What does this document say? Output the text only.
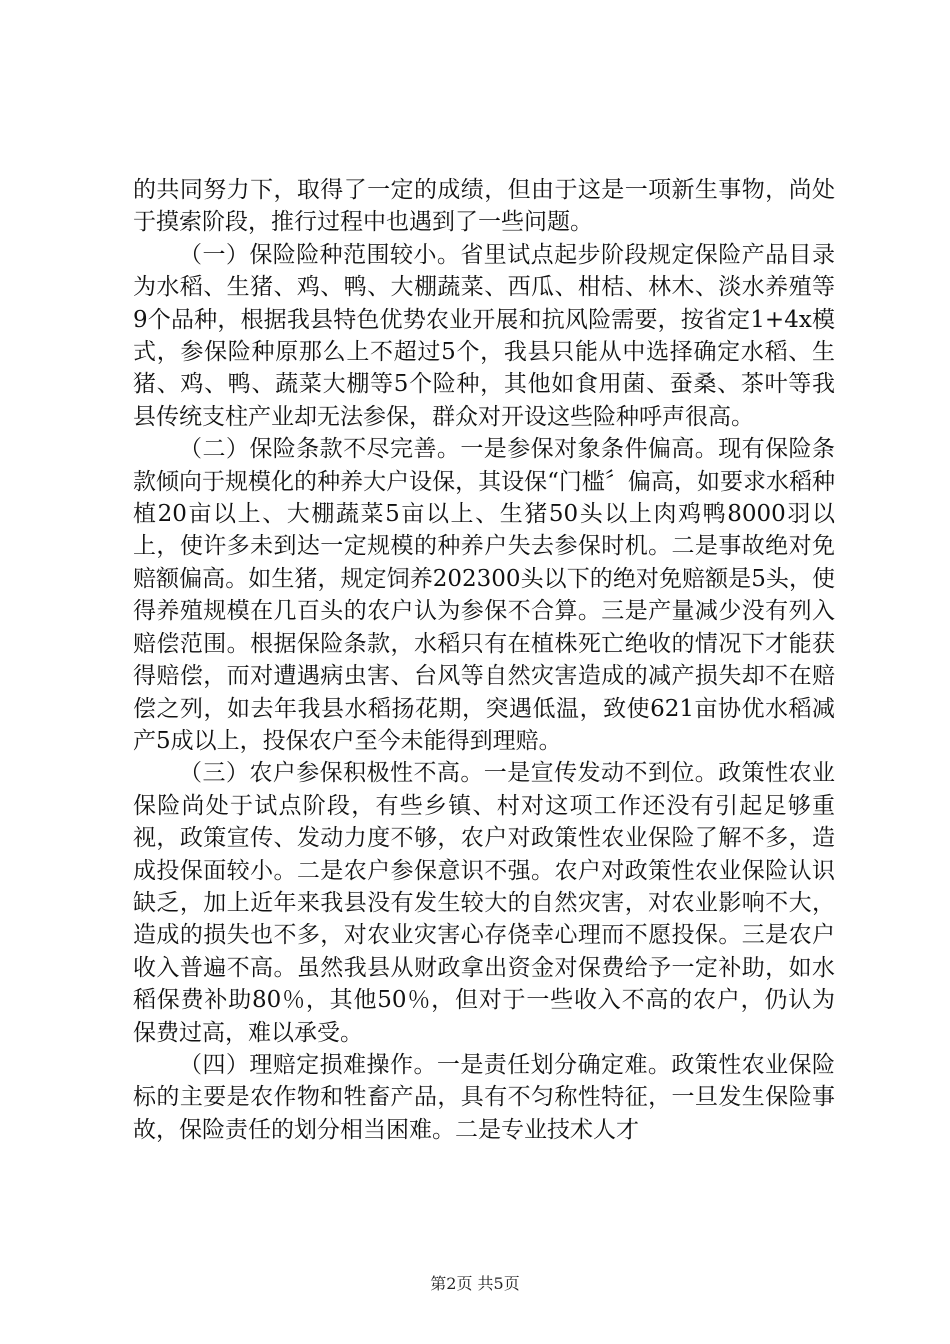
的共同努力下，取得了一定的成绩，但由于这是一项新生事物，尚处于摸索阶段，推行过程中也遇到了一些问题。

（一）保险险种范围较小。省里试点起步阶段规定保险产品目录为水稻、生猪、鸡、鸭、大棚蔬菜、西瓜、柑桔、林木、淡水养殖等9个品种，根据我县特色优势农业开展和抗风险需要，按省定1+4x模式，参保险种原那么上不超过5个，我县只能从中选择确定水稻、生猪、鸡、鸭、蔬菜大棚等5个险种，其他如食用菌、蚕桑、茶叶等我县传统支柱产业却无法参保，群众对开设这些险种呼声很高。

（二）保险条款不尽完善。一是参保对象条件偏高。现有保险条款倾向于规模化的种养大户设保，其设保“门槛〞偏高，如要求水稻种植20亩以上、大棚蔬菜5亩以上、生猪50头以上肉鸡鸭8000羽以上，使许多未到达一定规模的种养户失去参保时机。二是事故绝对免赔额偏高。如生猪，规定饲养202300头以下的绝对免赔额是5头，使得养殖规模在几百头的农户认为参保不合算。三是产量减少没有列入赔偿范围。根据保险条款，水稻只有在植株死亡绝收的情况下才能获得赔偿，而对遭遇病虫害、台风等自然灾害造成的减产损失却不在赔偿之列，如去年我县水稻扬花期，突遇低温，致使621亩协优水稻减产5成以上，投保农户至今未能得到理赔。

（三）农户参保积极性不高。一是宣传发动不到位。政策性农业保险尚处于试点阶段，有些乡镇、村对这项工作还没有引起足够重视，政策宣传、发动力度不够，农户对政策性农业保险了解不多，造成投保面较小。二是农户参保意识不强。农户对政策性农业保险认识缺乏，加上近年来我县没有发生较大的自然灾害，对农业影响不大，造成的损失也不多，对农业灾害心存侥幸心理而不愿投保。三是农户收入普遍不高。虽然我县从财政拿出资金对保费给予一定补助，如水稻保费补助80％，其他50％，但对于一些收入不高的农户，仍认为保费过高，难以承受。

（四）理赔定损难操作。一是责任划分确定难。政策性农业保险标的主要是农作物和牲畜产品，具有不匀称性特征，一旦发生保险事故，保险责任的划分相当困难。二是专业技术人才

第2页 共5页
